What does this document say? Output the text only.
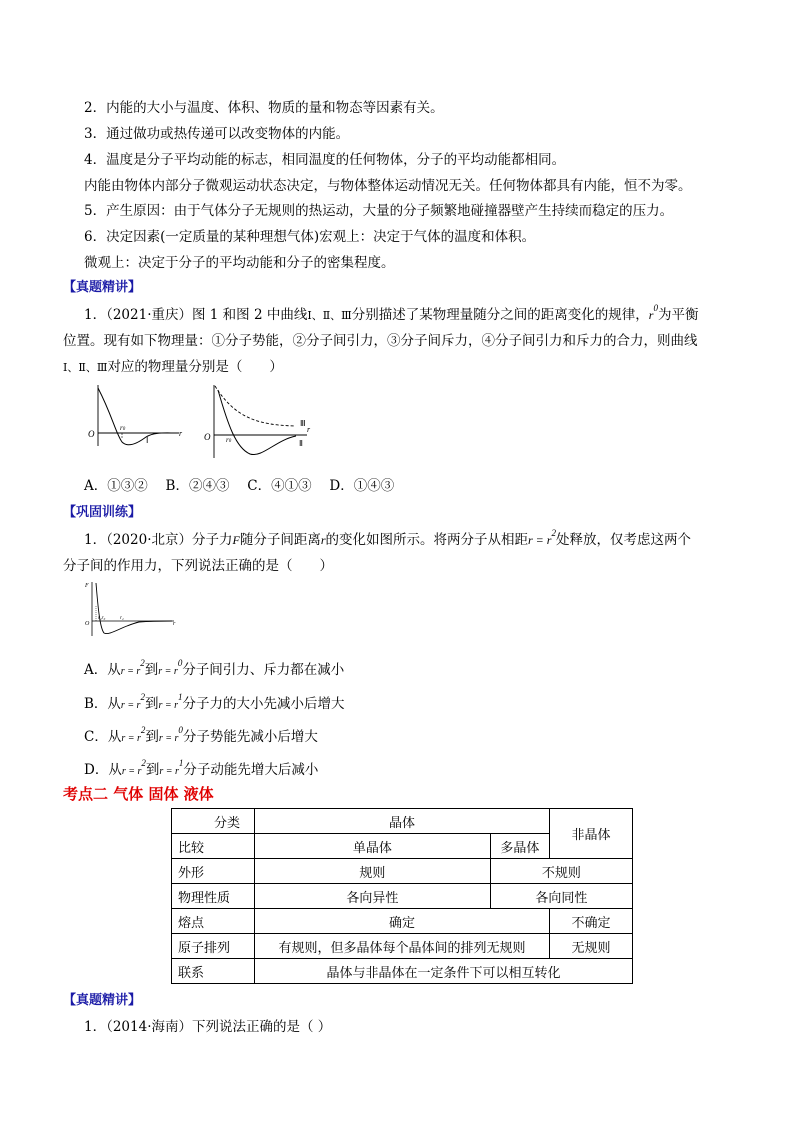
2．内能的大小与温度、体积、物质的量和物态等因素有关。
3．通过做功或热传递可以改变物体的内能。
4．温度是分子平均动能的标志，相同温度的任何物体，分子的平均动能都相同。
内能由物体内部分子微观运动状态决定，与物体整体运动情况无关。任何物体都具有内能，恒不为零。
5．产生原因：由于气体分子无规则的热运动，大量的分子频繁地碰撞器壁产生持续而稳定的压力。
6．决定因素(一定质量的某种理想气体)宏观上：决定于气体的温度和体积。
微观上：决定于分子的平均动能和分子的密集程度。
【真题精讲】
1．（2021·重庆）图 1 和图 2 中曲线Ⅰ、Ⅱ、Ⅲ分别描述了某物理量随分之间的距离变化的规律，$r^0$为平衡
位置。现有如下物理量：①分子势能，②分子间引力，③分子间斥力，④分子间引力和斥力的合力，则曲线
Ⅰ、Ⅱ、Ⅲ对应的物理量分别是（　　）
O
r0
Ⅰ
r O r0
Ⅲ
Ⅱ
r
A．①③②　 B．②④③　 C．④①③　 D．①④③
【巩固训练】
1．（2020·北京）分子力F随分子间距离r的变化如图所示。将两分子从相距$r = r^2$处释放，仅考虑这两个
分子间的作用力，下列说法正确的是（　　）
F
O
r₁r₀	r₂
r
A．从$r = r^2$到$r = r^0$分子间引力、斥力都在减小
B．从$r = r^2$到$r = r^1$分子力的大小先减小后增大
C．从$r = r^2$到$r = r^0$分子势能先减小后增大
D．从$r = r^2$到$r = r^1$分子动能先增大后减小
考点二 气体 固体 液体
分类	晶体		非晶体
比较	单晶体	多晶体	
外形	规则	不规则	
物理性质	各向异性	各向同性	
熔点	确定		不确定
原子排列	有规则，但多晶体每个晶体间的排列无规则		无规则
联系	晶体与非晶体在一定条件下可以相互转化		
【真题精讲】
1．（2014·海南）下列说法正确的是（ ）
